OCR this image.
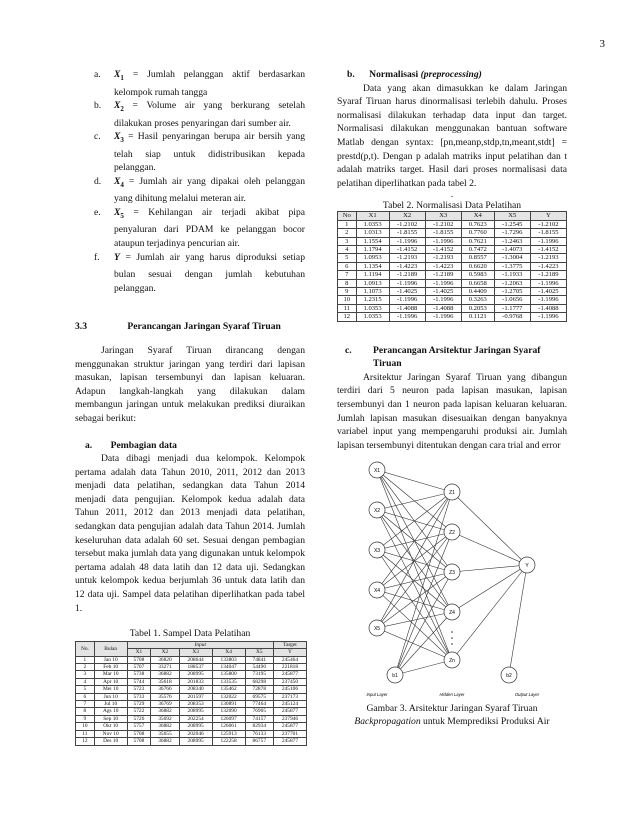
3

a. $X_1$ = Jumlah pelanggan aktif berdasarkan kelompok rumah tangga

b. $X_2$ = Volume air yang berkurang setelah dilakukan proses penyaringan dari sumber air.

c. $X_3$ = Hasil penyaringan berupa air bersih yang telah siap untuk didistribusikan kepada pelanggan.

d. $X_4$ = Jumlah air yang dipakai oleh pelanggan yang dihitung melalui meteran air.

e. $X_5$ = Kehilangan air terjadi akibat pipa penyaluran dari PDAM ke pelanggan bocor ataupun terjadinya pencurian air.

f. Y = Jumlah air yang harus diproduksi setiap bulan sesuai dengan jumlah kebutuhan pelanggan.

3.3	Perancangan Jaringan Syaraf Tiruan

Jaringan Syaraf Tiruan dirancang dengan menggunakan struktur jaringan yang terdiri dari lapisan masukan, lapisan tersembunyi dan lapisan keluaran. Adapun langkah-langkah yang dilakukan dalam membangun jaringan untuk melakukan prediksi diuraikan sebagai berikut:

a. Pembagian data

Data dibagi menjadi dua kelompok. Kelompok pertama adalah data Tahun 2010, 2011, 2012 dan 2013 menjadi data pelatihan, sedangkan data Tahun 2014 menjadi data pengujian. Kelompok kedua adalah data Tahun 2011, 2012 dan 2013 menjadi data pelatihan, sedangkan data pengujian adalah data Tahun 2014. Jumlah keseluruhan data adalah 60 set. Sesuai dengan pembagian tersebut maka jumlah data yang digunakan untuk kelompok pertama adalah 48 data latih dan 12 data uji. Sedangkan untuk kelompok kedua berjumlah 36 untuk data latih dan 12 data uji. Sampel data pelatihan diperlihatkan pada tabel 1.

Tabel 1. Sampel Data Pelatihan
No.	Bulan	Input					Target
		X1	X2	X3	X4	X5	Y
1	Jan 10	5708	36820	208644	133803	74841	245464
2	Feb 10	5707	33271	188537	134047	54490	221818
3	Mar 10	5738	36882	208995	135800	73195	245877
4	Apr 10	5744	35618	201833	133535	68298	237450
5	Mei 10	5723	36766	208340	135462	72878	245106
6	Jun 10	5733	35576	201597	132022	69575	237173
7	Jul 10	5729	36769	208353	130891	77464	245124
8	Ags 10	5722	36882	208995	132090	76905	245877
9	Sep 10	5726	35692	202254	126097	74157	237946
10	Okt 10	5757	36882	208995	126061	82934	245877
11	Nov 10	5708	35655	202046	125913	76133	237701
12	Des 10	5708	36882	208995	122258	86757	245877
b. Normalisasi (preprocessing)

Data yang akan dimasukkan ke dalam Jaringan Syaraf Tiruan harus dinormalisasi terlebih dahulu. Proses normalisasi dilakukan terhadap data input dan target. Normalisasi dilakukan menggunakan bantuan software Matlab dengan syntax: [pn,meanp,stdp,tn,meant,stdt] = prestd(p,t). Dengan p adalah matriks input pelatihan dan t adalah matriks target. Hasil dari proses normalisasi data pelatihan diperlihatkan pada tabel 2.

.
Tabel 2. Normalisasi Data Pelatihan
No	X1	X2	X3	X4	X5	Y
1	1.0353	-1.2102	-1.2102	0.7623	-1.2545	-1.2102
2	1.0313	-1.8155	-1.8155	0.7760	-1.7296	-1.8155
3	1.1554	-1.1996	-1.1996	0.7621	-1.2463	-1.1996
4	1.1794	-1.4152	-1.4152	0.7472	-1.4073	-1.4152
5	1.0953	-1.2193	-1.2193	0.8557	-1.3004	-1.2193
6	1.1354	-1.4223	-1.4223	0.6620	-1.3775	-1.4223
7	1.1194	-1.2189	-1.2189	0.5983	-1.1933	-1.2189
8	1.0913	-1.1996	-1.1996	0.6658	-1.2063	-1.1996
9	1.1073	-1.4025	-1.4025	0.4409	-1.2705	-1.4025
10	1.2315	-1.1996	-1.1996	0.3263	-1.0656	-1.1996
11	1.0353	-1.4088	-1.4088	0.2053	-1.1777	-1.4088
12	1.0353	-1.1996	-1.1996	0.1121	-0.9768	-1.1996
c.	Perancangan Arsitektur Jaringan Syaraf Tiruan

Arsitektur Jaringan Syaraf Tiruan yang dibangun terdiri dari 5 neuron pada lapisan masukan, lapisan tersembunyi dan 1 neuron pada lapisan keluaran keluaran. Jumlah lapisan masukan disesuaikan dengan banyaknya variabel input yang mempengaruhi produksi air. Jumlah lapisan tersembunyi ditentukan dengan cara trial and error

X1
X2
X3
X4
X5
Z1
Z2
Z3
Z4
Zn
Y
b1	b2
Input Layer	Hidden Layer	Output Layer
Gambar 3. Arsitektur Jaringan Syaraf Tiruan
Backpropagation untuk Memprediksi Produksi Air
